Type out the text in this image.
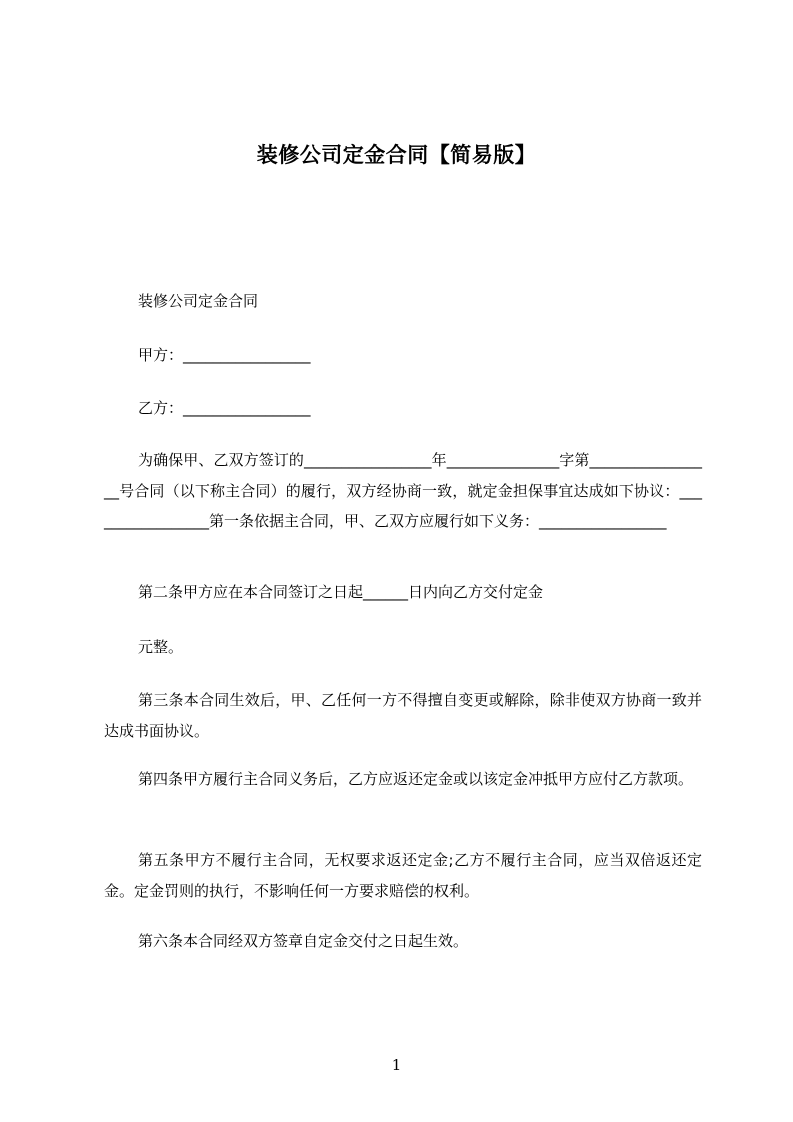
装修公司定金合同【简易版】
装修公司定金合同
甲方：_________________
乙方：_________________
为确保甲、乙双方签订的_________________年_______________字第_________________号合同（以下称主合同）的履行，双方经协商一致，就定金担保事宜达成如下协议：_________________第一条依据主合同，甲、乙双方应履行如下义务：_________________
第二条甲方应在本合同签订之日起______日内向乙方交付定金
元整。
第三条本合同生效后，甲、乙任何一方不得擅自变更或解除，除非使双方协商一致并达成书面协议。
第四条甲方履行主合同义务后，乙方应返还定金或以该定金冲抵甲方应付乙方款项。
第五条甲方不履行主合同，无权要求返还定金;乙方不履行主合同，应当双倍返还定金。定金罚则的执行，不影响任何一方要求赔偿的权利。
第六条本合同经双方签章自定金交付之日起生效。
1
